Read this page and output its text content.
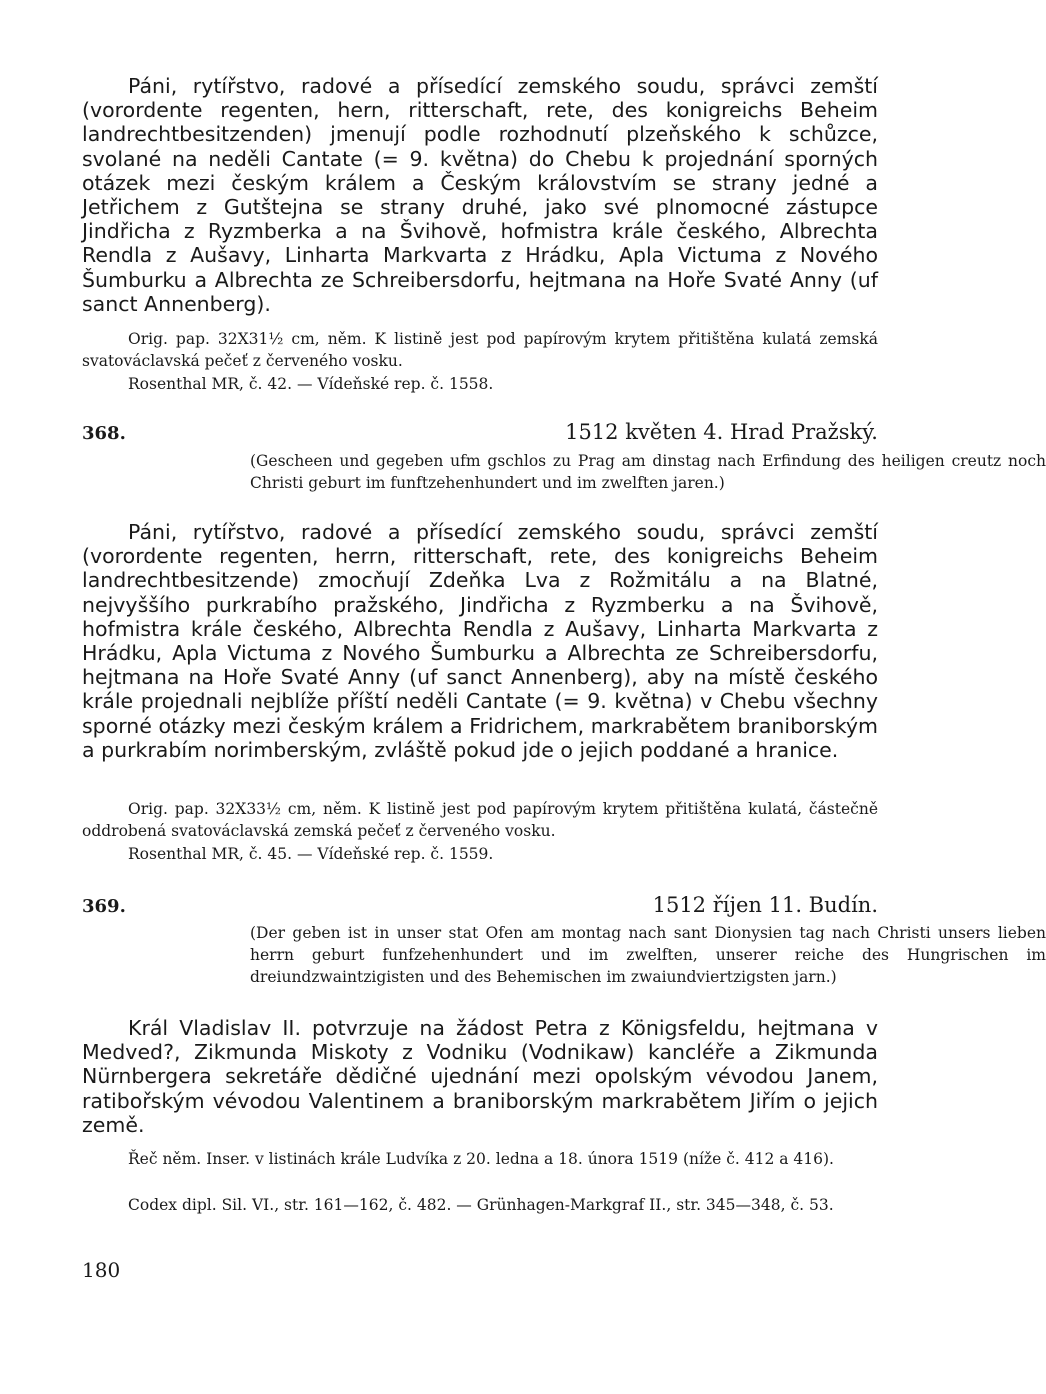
Páni, rytířstvo, radové a přísedící zemského soudu, správci zemští (vorordente regenten, hern, ritterschaft, rete, des konigreichs Beheim landrechtbesitzenden) jmenují podle rozhodnutí plzeňského k schůzce, svolané na neděli Cantate (= 9. května) do Chebu k projednání sporných otázek mezi českým králem a Českým královstvím se strany jedné a Jetřichem z Gutštejna se strany druhé, jako své plnomocné zástupce Jindřicha z Ryzmberka a na Švihově, hofmistra krále českého, Albrechta Rendla z Aušavy, Linharta Markvarta z Hrádku, Apla Victuma z Nového Šumburku a Albrechta ze Schreibersdorfu, hejtmana na Hoře Svaté Anny (uf sanct Annenberg).

Orig. pap. 32X31½ cm, něm. K listině jest pod papírovým krytem přitištěna kulatá zemská svatováclavská pečeť z červeného vosku.

Rosenthal MR, č. 42. — Vídeňské rep. č. 1558.

368.	1512 květen 4. Hrad Pražský.

(Gescheen und gegeben ufm gschlos zu Prag am dinstag nach Erfindung des heiligen creutz noch Christi geburt im funftzehenhundert und im zwelften jaren.)

Páni, rytířstvo, radové a přísedící zemského soudu, správci zemští (vorordente regenten, herrn, ritterschaft, rete, des konigreichs Beheim landrechtbesitzende) zmocňují Zdeňka Lva z Rožmitálu a na Blatné, nejvyššího purkrabího pražského, Jindřicha z Ryzmberku a na Švihově, hofmistra krále českého, Albrechta Rendla z Aušavy, Linharta Markvarta z Hrádku, Apla Victuma z Nového Šumburku a Albrechta ze Schreibersdorfu, hejtmana na Hoře Svaté Anny (uf sanct Annenberg), aby na místě českého krále projednali nejblíže příští neděli Cantate (= 9. května) v Chebu všechny sporné otázky mezi českým králem a Fridrichem, markrabětem braniborským a purkrabím norimberským, zvláště pokud jde o jejich poddané a hranice.

Orig. pap. 32X33½ cm, něm. K listině jest pod papírovým krytem přitištěna kulatá, částečně oddrobená svatováclavská zemská pečeť z červeného vosku.

Rosenthal MR, č. 45. — Vídeňské rep. č. 1559.

369.	1512 říjen 11. Budín.

(Der geben ist in unser stat Ofen am montag nach sant Dionysien tag nach Christi unsers lieben herrn geburt funfzehenhundert und im zwelften, unserer reiche des Hungrischen im dreiundzwaintzigisten und des Behemischen im zwaiundviertzigsten jarn.)

Král Vladislav II. potvrzuje na žádost Petra z Königsfeldu, hejtmana v Medved?, Zikmunda Miskoty z Vodniku (Vodnikaw) kancléře a Zikmunda Nürnbergera sekretáře dědičné ujednání mezi opolským vévodou Janem, ratibořským vévodou Valentinem a braniborským markrabětem Jiřím o jejich země.

Řeč něm. Inser. v listinách krále Ludvíka z 20. ledna a 18. února 1519 (níže č. 412 a 416).

Codex dipl. Sil. VI., str. 161—162, č. 482. — Grünhagen-Markgraf II., str. 345—348, č. 53.

180
